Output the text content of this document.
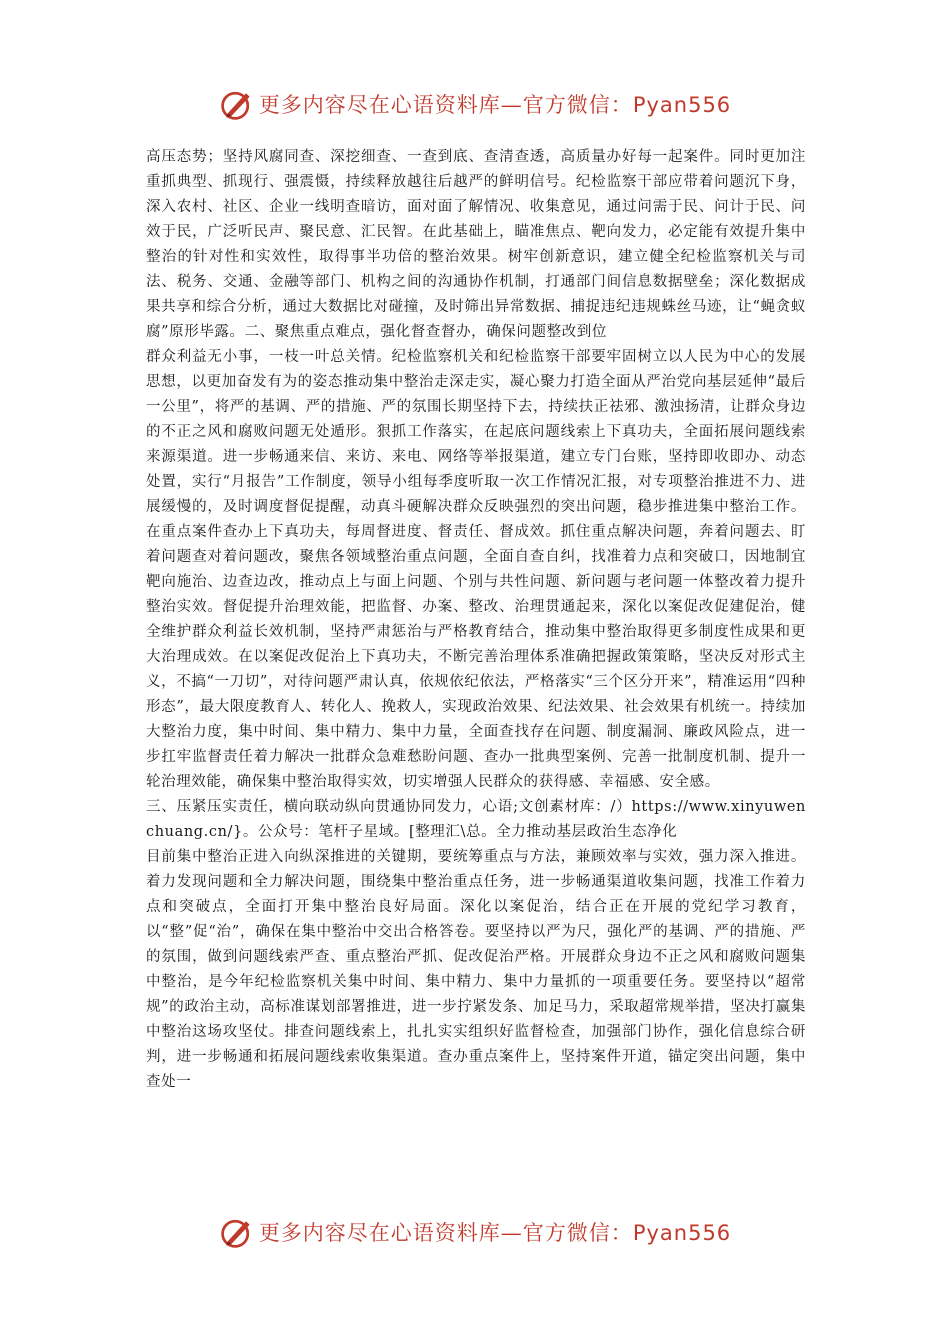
更多内容尽在心语资料库—官方微信：Pyan556

高压态势；坚持风腐同查、深挖细查、一查到底、查清查透，高质量办好每一起案件。同时更加注重抓典型、抓现行、强震慑，持续释放越往后越严的鲜明信号。纪检监察干部应带着问题沉下身，深入农村、社区、企业一线明查暗访，面对面了解情况、收集意见，通过问需于民、问计于民、问效于民，广泛听民声、聚民意、汇民智。在此基础上，瞄准焦点、靶向发力，必定能有效提升集中整治的针对性和实效性，取得事半功倍的整治效果。树牢创新意识，建立健全纪检监察机关与司法、税务、交通、金融等部门、机构之间的沟通协作机制，打通部门间信息数据壁垒；深化数据成果共享和综合分析，通过大数据比对碰撞，及时筛出异常数据、捕捉违纪违规蛛丝马迹，让“蝇贪蚁腐”原形毕露。二、聚焦重点难点，强化督查督办，确保问题整改到位

群众利益无小事，一枝一叶总关情。纪检监察机关和纪检监察干部要牢固树立以人民为中心的发展思想，以更加奋发有为的姿态推动集中整治走深走实，凝心聚力打造全面从严治党向基层延伸“最后一公里”，将严的基调、严的措施、严的氛围长期坚持下去，持续扶正祛邪、激浊扬清，让群众身边的不正之风和腐败问题无处遁形。狠抓工作落实，在起底问题线索上下真功夫，全面拓展问题线索来源渠道。进一步畅通来信、来访、来电、网络等举报渠道，建立专门台账，坚持即收即办、动态处置，实行“月报告”工作制度，领导小组每季度听取一次工作情况汇报，对专项整治推进不力、进展缓慢的，及时调度督促提醒，动真斗硬解决群众反映强烈的突出问题，稳步推进集中整治工作。在重点案件查办上下真功夫，每周督进度、督责任、督成效。抓住重点解决问题，奔着问题去、盯着问题查对着问题改，聚焦各领域整治重点问题，全面自查自纠，找准着力点和突破口，因地制宜靶向施治、边查边改，推动点上与面上问题、个别与共性问题、新问题与老问题一体整改着力提升整治实效。督促提升治理效能，把监督、办案、整改、治理贯通起来，深化以案促改促建促治，健全维护群众利益长效机制，坚持严肃惩治与严格教育结合，推动集中整治取得更多制度性成果和更大治理成效。在以案促改促治上下真功夫，不断完善治理体系准确把握政策策略，坚决反对形式主义，不搞“一刀切”，对待问题严肃认真，依规依纪依法，严格落实“三个区分开来”，精准运用“四种形态”，最大限度教育人、转化人、挽救人，实现政治效果、纪法效果、社会效果有机统一。持续加大整治力度，集中时间、集中精力、集中力量，全面查找存在问题、制度漏洞、廉政风险点，进一步扛牢监督责任着力解决一批群众急难愁盼问题、查办一批典型案例、完善一批制度机制、提升一轮治理效能，确保集中整治取得实效，切实增强人民群众的获得感、幸福感、安全感。

三、压紧压实责任，横向联动纵向贯通协同发力，心语;文创素材库：/）https://www.xinyuwenchuang.cn/}。公众号：笔杆子星域。[整理汇\总。全力推动基层政治生态净化

目前集中整治正进入向纵深推进的关键期，要统筹重点与方法，兼顾效率与实效，强力深入推进。着力发现问题和全力解决问题，围绕集中整治重点任务，进一步畅通渠道收集问题，找准工作着力点和突破点，全面打开集中整治良好局面。深化以案促治，结合正在开展的党纪学习教育，以“整”促“治”，确保在集中整治中交出合格答卷。要坚持以严为尺，强化严的基调、严的措施、严的氛围，做到问题线索严查、重点整治严抓、促改促治严格。开展群众身边不正之风和腐败问题集中整治，是今年纪检监察机关集中时间、集中精力、集中力量抓的一项重要任务。要坚持以“超常规”的政治主动，高标准谋划部署推进，进一步拧紧发条、加足马力，采取超常规举措，坚决打赢集中整治这场攻坚仗。排查问题线索上，扎扎实实组织好监督检查，加强部门协作，强化信息综合研判，进一步畅通和拓展问题线索收集渠道。查办重点案件上，坚持案件开道，锚定突出问题，集中查处一

更多内容尽在心语资料库—官方微信：Pyan556
